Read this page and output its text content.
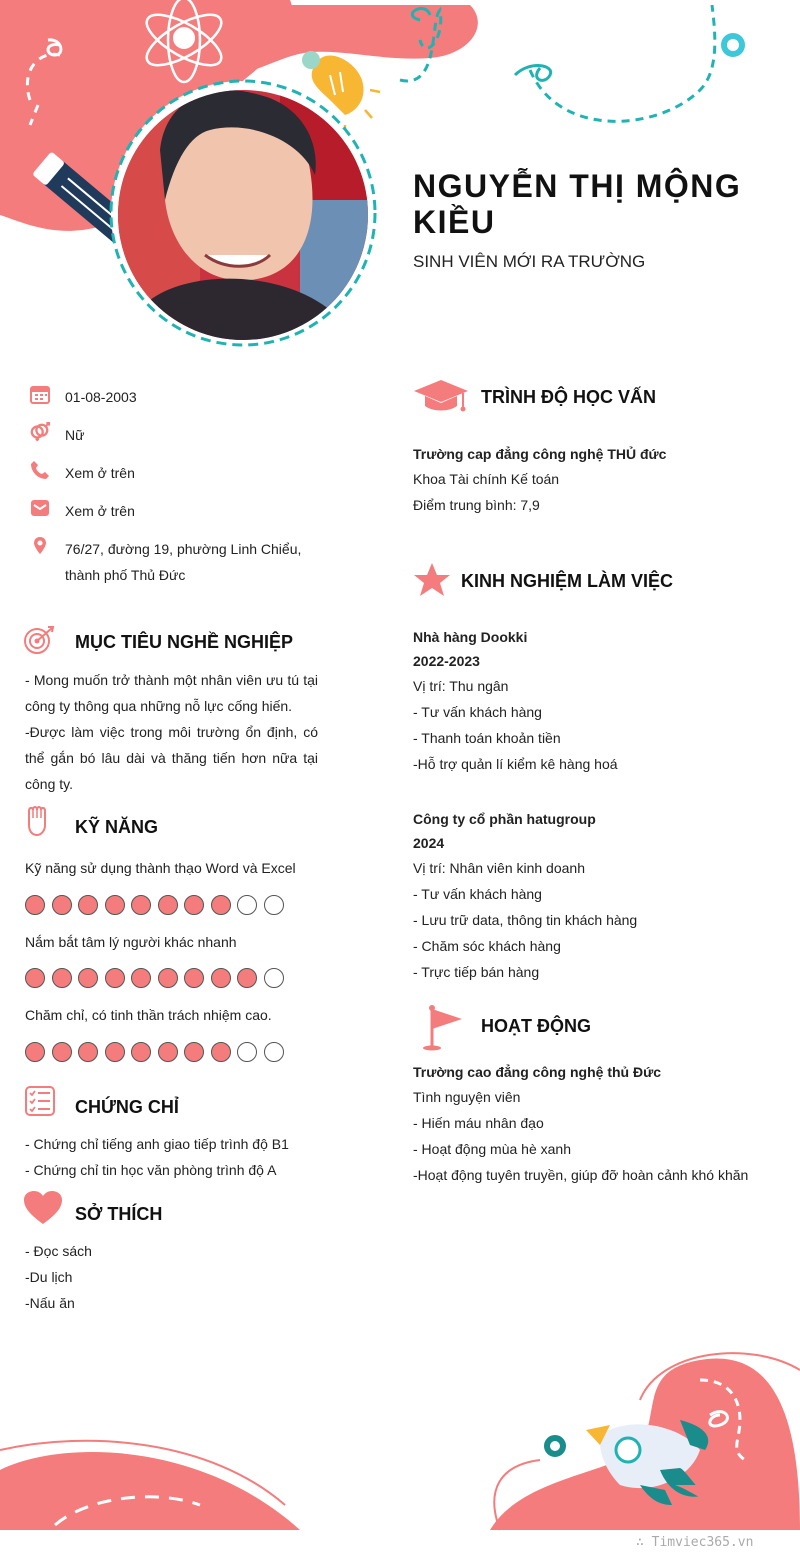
NGUYỄN THỊ MỘNG KIỀU
SINH VIÊN MỚI RA TRƯỜNG
01-08-2003
Nữ
Xem ở trên
Xem ở trên
76/27, đường 19, phường Linh Chiểu, thành phố Thủ Đức
MỤC TIÊU NGHỀ NGHIỆP
- Mong muốn trở thành một nhân viên ưu tú tại công ty thông qua những nỗ lực cống hiến.
-Được làm việc trong môi trường ổn định, có thể gắn bó lâu dài và thăng tiến hơn nữa tại công ty.
KỸ NĂNG
Kỹ năng sử dụng thành thạo Word và Excel
Nắm bắt tâm lý người khác nhanh
Chăm chỉ, có tinh thần trách nhiệm cao.
CHỨNG CHỈ
- Chứng chỉ tiếng anh giao tiếp trình độ B1
- Chứng chỉ tin học văn phòng trình độ A
SỞ THÍCH
- Đọc sách
-Du lịch
-Nấu ăn
TRÌNH ĐỘ HỌC VẤN
Trường cap đẳng công nghệ THỦ đức
Khoa Tài chính Kế toán
Điểm trung bình: 7,9
KINH NGHIỆM LÀM VIỆC
Nhà hàng Dookki
2022-2023
Vị trí: Thu ngân
- Tư vấn khách hàng
- Thanh toán khoản tiền
-Hỗ trợ quản lí kiểm kê hàng hoá
Công ty cổ phần hatugroup
2024
Vị trí: Nhân viên kinh doanh
- Tư vấn khách hàng
- Lưu trữ data, thông tin khách hàng
- Chăm sóc khách hàng
- Trực tiếp bán hàng
HOẠT ĐỘNG
Trường cao đẳng công nghệ thủ Đức
Tình nguyện viên
- Hiến máu nhân đạo
- Hoạt động mùa hè xanh
-Hoạt động tuyên truyền, giúp đỡ hoàn cảnh khó khăn
∴ Timviec365.vn
